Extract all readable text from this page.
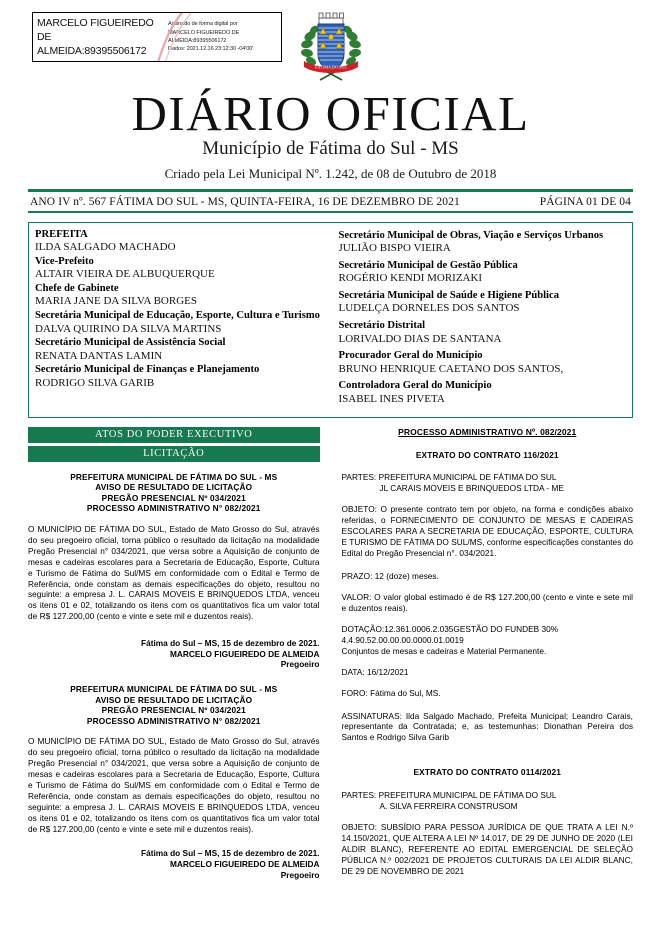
MARCELO FIGUEIREDO
DE
ALMEIDA:89395506172
Assinado de forma digital por
MARCELO FIGUEIREDO DE
ALMEIDA:89395506172
Dados: 2021.12.16 23:12:30 -04'00'
FÁTIMA DO SUL
DIÁRIO OFICIAL
Município de Fátima do Sul - MS
Criado pela Lei Municipal Nº. 1.242, de 08 de Outubro de 2018
ANO IV nº. 567 FÁTIMA DO SUL - MS, QUINTA-FEIRA, 16 DE DEZEMBRO DE 2021	PÁGINA 01 DE 04
PREFEITA
ILDA SALGADO MACHADO
Vice-Prefeito
ALTAIR VIEIRA DE ALBUQUERQUE
Chefe de Gabinete
MARIA JANE DA SILVA BORGES
Secretária Municipal de Educação, Esporte, Cultura e Turismo
DALVA QUIRINO DA SILVA MARTINS
Secretário Municipal de Assistência Social
RENATA DANTAS LAMIN
Secretário Municipal de Finanças e Planejamento
RODRIGO SILVA GARIB
Secretário Municipal de Obras, Viação e Serviços Urbanos
JULIÃO BISPO VIEIRA
Secretário Municipal de Gestão Pública
ROGÉRIO KENDI MORIZAKI
Secretária Municipal de Saúde e Higiene Pública
LUDELÇA DORNELES DOS SANTOS
Secretário Distrital
LORIVALDO DIAS DE SANTANA
Procurador Geral do Município
BRUNO HENRIQUE CAETANO DOS SANTOS,
Controladora Geral do Município
ISABEL INES PIVETA
ATOS DO PODER EXECUTIVO
LICITAÇÃO
PREFEITURA MUNICIPAL DE FÁTIMA DO SUL - MS
AVISO DE RESULTADO DE LICITAÇÃO
PREGÃO PRESENCIAL Nº 034/2021
PROCESSO ADMINISTRATIVO N° 082/2021
O MUNICÍPIO DE FÁTIMA DO SUL, Estado de Mato Grosso do Sul, através do seu pregoeiro oficial, torna público o resultado da licitação na modalidade Pregão Presencial n° 034/2021, que versa sobre a Aquisição de conjunto de mesas e cadeiras escolares para a Secretaria de Educação, Esporte, Cultura e Turismo de Fátima do Sul/MS em conformidade com o Edital e Termo de Referência, onde constam as demais especificações do objeto, resultou no seguinte: a empresa J. L. CARAIS MOVEIS E BRINQUEDOS LTDA, venceu os itens 01 e 02, totalizando os itens com os quantitativos fica um valor total de R$ 127.200,00 (cento e vinte e sete mil e duzentos reais).
Fátima do Sul – MS, 15 de dezembro de 2021.
MARCELO FIGUEIREDO DE ALMEIDA
Pregoeiro
PREFEITURA MUNICIPAL DE FÁTIMA DO SUL - MS
AVISO DE RESULTADO DE LICITAÇÃO
PREGÃO PRESENCIAL Nº 034/2021
PROCESSO ADMINISTRATIVO N° 082/2021
O MUNICÍPIO DE FÁTIMA DO SUL, Estado de Mato Grosso do Sul, através do seu pregoeiro oficial, torna público o resultado da licitação na modalidade Pregão Presencial n° 034/2021, que versa sobre a Aquisição de conjunto de mesas e cadeiras escolares para a Secretaria de Educação, Esporte, Cultura e Turismo de Fátima do Sul/MS em conformidade com o Edital e Termo de Referência, onde constam as demais especificações do objeto, resultou no seguinte: a empresa J. L. CARAIS MOVEIS E BRINQUEDOS LTDA, venceu os itens 01 e 02, totalizando os itens com os quantitativos fica um valor total de R$ 127.200,00 (cento e vinte e sete mil e duzentos reais).
Fátima do Sul – MS, 15 de dezembro de 2021.
MARCELO FIGUEIREDO DE ALMEIDA
Pregoeiro
PROCESSO ADMINISTRATIVO Nº. 082/2021
EXTRATO DO CONTRATO 116/2021
PARTES: PREFEITURA MUNICIPAL DE FÁTIMA DO SUL
JL CARAIS MOVEIS E BRINQUEDOS LTDA - ME
OBJETO: O presente contrato tem por objeto, na forma e condições abaixo referidas, o FORNECIMENTO DE CONJUNTO DE MESAS E CADEIRAS ESCOLARES PARA A SECRETARIA DE EDUCAÇÃO, ESPORTE, CULTURA E TURISMO DE FÁTIMA DO SUL/MS, conforme especificações constantes do Edital do Pregão Presencial n°. 034/2021.
PRAZO: 12 (doze) meses.
VALOR: O valor global estimado é de R$ 127.200,00 (cento e vinte e sete mil e duzentos reais).
DOTAÇÃO:12.361.0006.2.035GESTÃO DO FUNDEB 30%
4.4.90.52.00.00.00.0000.01.0019
Conjuntos de mesas e cadeiras e Material Permanente.
DATA: 16/12/2021
FORO: Fátima do Sul, MS.
ASSINATURAS: Ilda Salgado Machado, Prefeita Municipal; Leandro Carais, representante da Contratada; e, as testemunhas: Dionathan Pereira dos Santos e Rodrigo Silva Garib
EXTRATO DO CONTRATO 0114/2021
PARTES: PREFEITURA MUNICIPAL DE FÁTIMA DO SUL
A. SILVA FERREIRA CONSTRUSOM
OBJETO: SUBSÍDIO PARA PESSOA JURÍDICA DE QUE TRATA A LEI N.º 14.150/2021, QUE ALTERA A LEI Nº 14.017, DE 29 DE JUNHO DE 2020 (LEI ALDIR BLANC), REFERENTE AO EDITAL EMERGENCIAL DE SELEÇÃO PÚBLICA N.º 002/2021 DE PROJETOS CULTURAIS DA LEI ALDIR BLANC, DE 29 DE NOVEMBRO DE 2021
